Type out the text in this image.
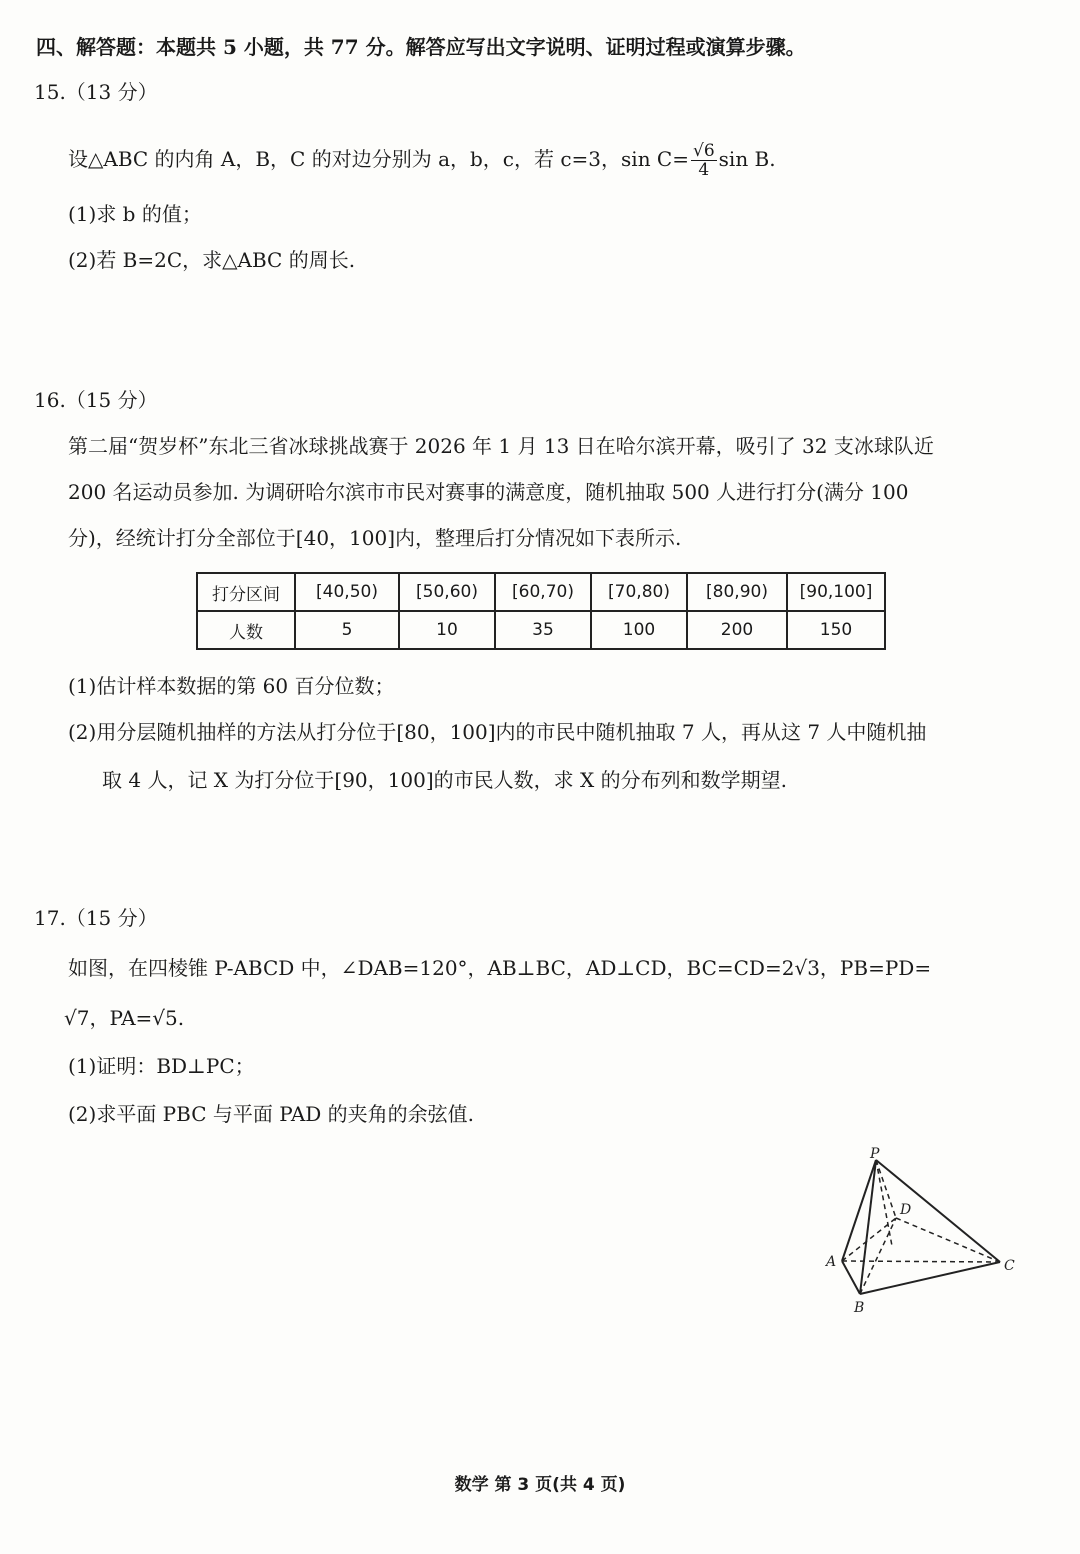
四、解答题：本题共 5 小题，共 77 分。解答应写出文字说明、证明过程或演算步骤。
15.（13 分）
设△ABC 的内角 A，B，C 的对边分别为 a，b，c，若 c=3，$\sin C= \frac{√6}{4}$ sin B.
(1)求 b 的值；
(2)若 B=2C，求△ABC 的周长.
16.（15 分）
第二届“贺岁杯”东北三省冰球挑战赛于 2026 年 1 月 13 日在哈尔滨开幕，吸引了 32 支冰球队近
200 名运动员参加. 为调研哈尔滨市市民对赛事的满意度，随机抽取 500 人进行打分(满分 100
分)，经统计打分全部位于[40，100]内，整理后打分情况如下表所示.
打分区间	[40,50)	[50,60)	[60,70)	[70,80)	[80,90)	[90,100]
人数	5	10	35	100	200	150
(1)估计样本数据的第 60 百分位数；
(2)用分层随机抽样的方法从打分位于[80，100]内的市民中随机抽取 7 人，再从这 7 人中随机抽
取 4 人，记 X 为打分位于[90，100]的市民人数，求 X 的分布列和数学期望.
17.（15 分）
如图，在四棱锥 P-ABCD 中，∠DAB=120°，AB⊥BC，AD⊥CD，BC=CD=2√3，PB=PD=
√7，PA=√5.
(1)证明：BD⊥PC；
(2)求平面 PBC 与平面 PAD 的夹角的余弦值.
P
A
B
C
D
数学 第 3 页(共 4 页)
